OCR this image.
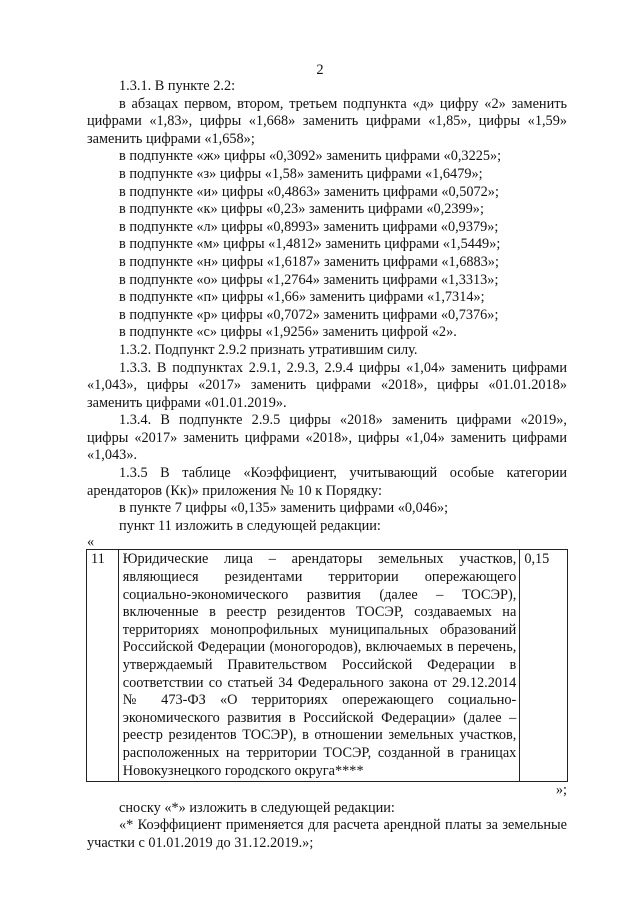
2

1.3.1. В пункте 2.2:

в абзацах первом, втором, третьем подпункта «д» цифру «2» заменить цифрами «1,83», цифры «1,668» заменить цифрами «1,85», цифры «1,59» заменить цифрами «1,658»;

в подпункте «ж» цифры «0,3092» заменить цифрами «0,3225»;

в подпункте «з» цифры «1,58» заменить цифрами «1,6479»;

в подпункте «и» цифры «0,4863» заменить цифрами «0,5072»;

в подпункте «к» цифры «0,23» заменить цифрами «0,2399»;

в подпункте «л» цифры «0,8993» заменить цифрами «0,9379»;

в подпункте «м» цифры «1,4812» заменить цифрами «1,5449»;

в подпункте «н» цифры «1,6187» заменить цифрами «1,6883»;

в подпункте «о» цифры «1,2764» заменить цифрами «1,3313»;

в подпункте «п» цифры «1,66» заменить цифрами «1,7314»;

в подпункте «р» цифры «0,7072» заменить цифрами «0,7376»;

в подпункте «с» цифры «1,9256» заменить цифрой «2».

1.3.2. Подпункт 2.9.2 признать утратившим силу.

1.3.3. В подпунктах 2.9.1, 2.9.3, 2.9.4 цифры «1,04» заменить цифрами «1,043», цифры «2017» заменить цифрами «2018», цифры «01.01.2018» заменить цифрами «01.01.2019».

1.3.4. В подпункте 2.9.5 цифры «2018» заменить цифрами «2019», цифры «2017» заменить цифрами «2018», цифры «1,04» заменить цифрами «1,043».

1.3.5 В таблице «Коэффициент, учитывающий особые категории арендаторов (Кк)» приложения № 10 к Порядку:

в пункте 7 цифры «0,135» заменить цифрами «0,046»;

пункт 11 изложить в следующей редакции:

«

11	Юридические лица – арендаторы земельных участков, являющиеся резидентами территории опережающего социально-экономического развития (далее – ТОСЭР), включенные в реестр резидентов ТОСЭР, создаваемых на территориях монопрофильных муниципальных образований Российской Федерации (моногородов), включаемых в перечень, утверждаемый Правительством Российской Федерации в соответствии со статьей 34 Федерального закона от 29.12.2014 № 473-ФЗ «О территориях опережающего социально-экономического развития в Российской Федерации» (далее – реестр резидентов ТОСЭР), в отношении земельных участков, расположенных на территории ТОСЭР, созданной в границах Новокузнецкого городского округа****	0,15

»;

сноску «*» изложить в следующей редакции:

«* Коэффициент применяется для расчета арендной платы за земельные участки с 01.01.2019 до 31.12.2019.»;
